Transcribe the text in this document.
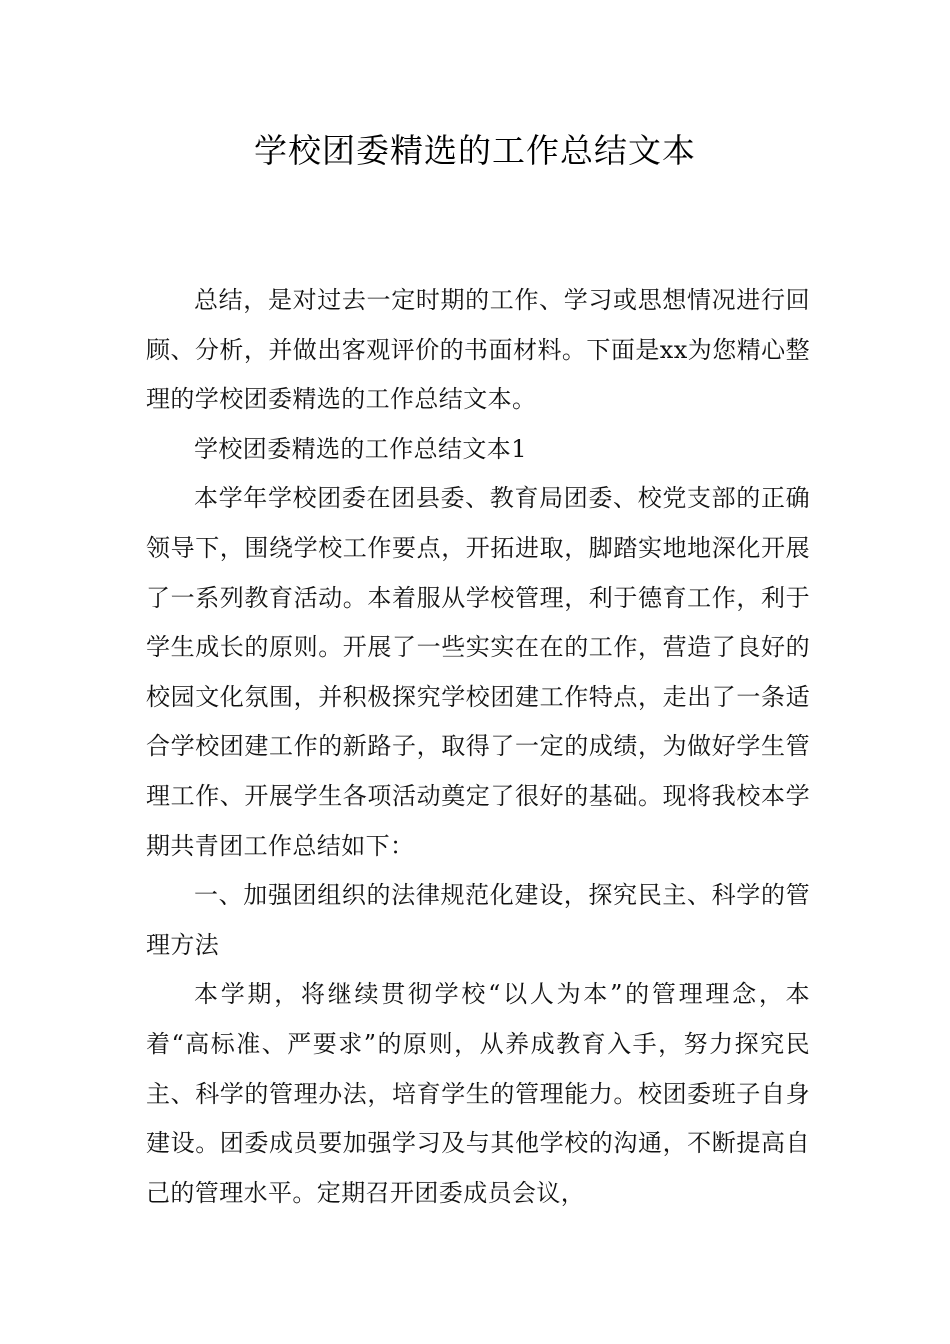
学校团委精选的工作总结文本

总结，是对过去一定时期的工作、学习或思想情况进行回顾、分析，并做出客观评价的书面材料。下面是xx为您精心整理的学校团委精选的工作总结文本。

学校团委精选的工作总结文本1

本学年学校团委在团县委、教育局团委、校党支部的正确领导下，围绕学校工作要点，开拓进取，脚踏实地地深化开展了一系列教育活动。本着服从学校管理，利于德育工作，利于学生成长的原则。开展了一些实实在在的工作，营造了良好的校园文化氛围，并积极探究学校团建工作特点，走出了一条适合学校团建工作的新路子，取得了一定的成绩，为做好学生管理工作、开展学生各项活动奠定了很好的基础。现将我校本学期共青团工作总结如下：

一、加强团组织的法律规范化建设，探究民主、科学的管理方法

本学期，将继续贯彻学校“以人为本”的管理理念，本着“高标准、严要求”的原则，从养成教育入手，努力探究民主、科学的管理办法，培育学生的管理能力。校团委班子自身建设。团委成员要加强学习及与其他学校的沟通，不断提高自己的管理水平。定期召开团委成员会议，
